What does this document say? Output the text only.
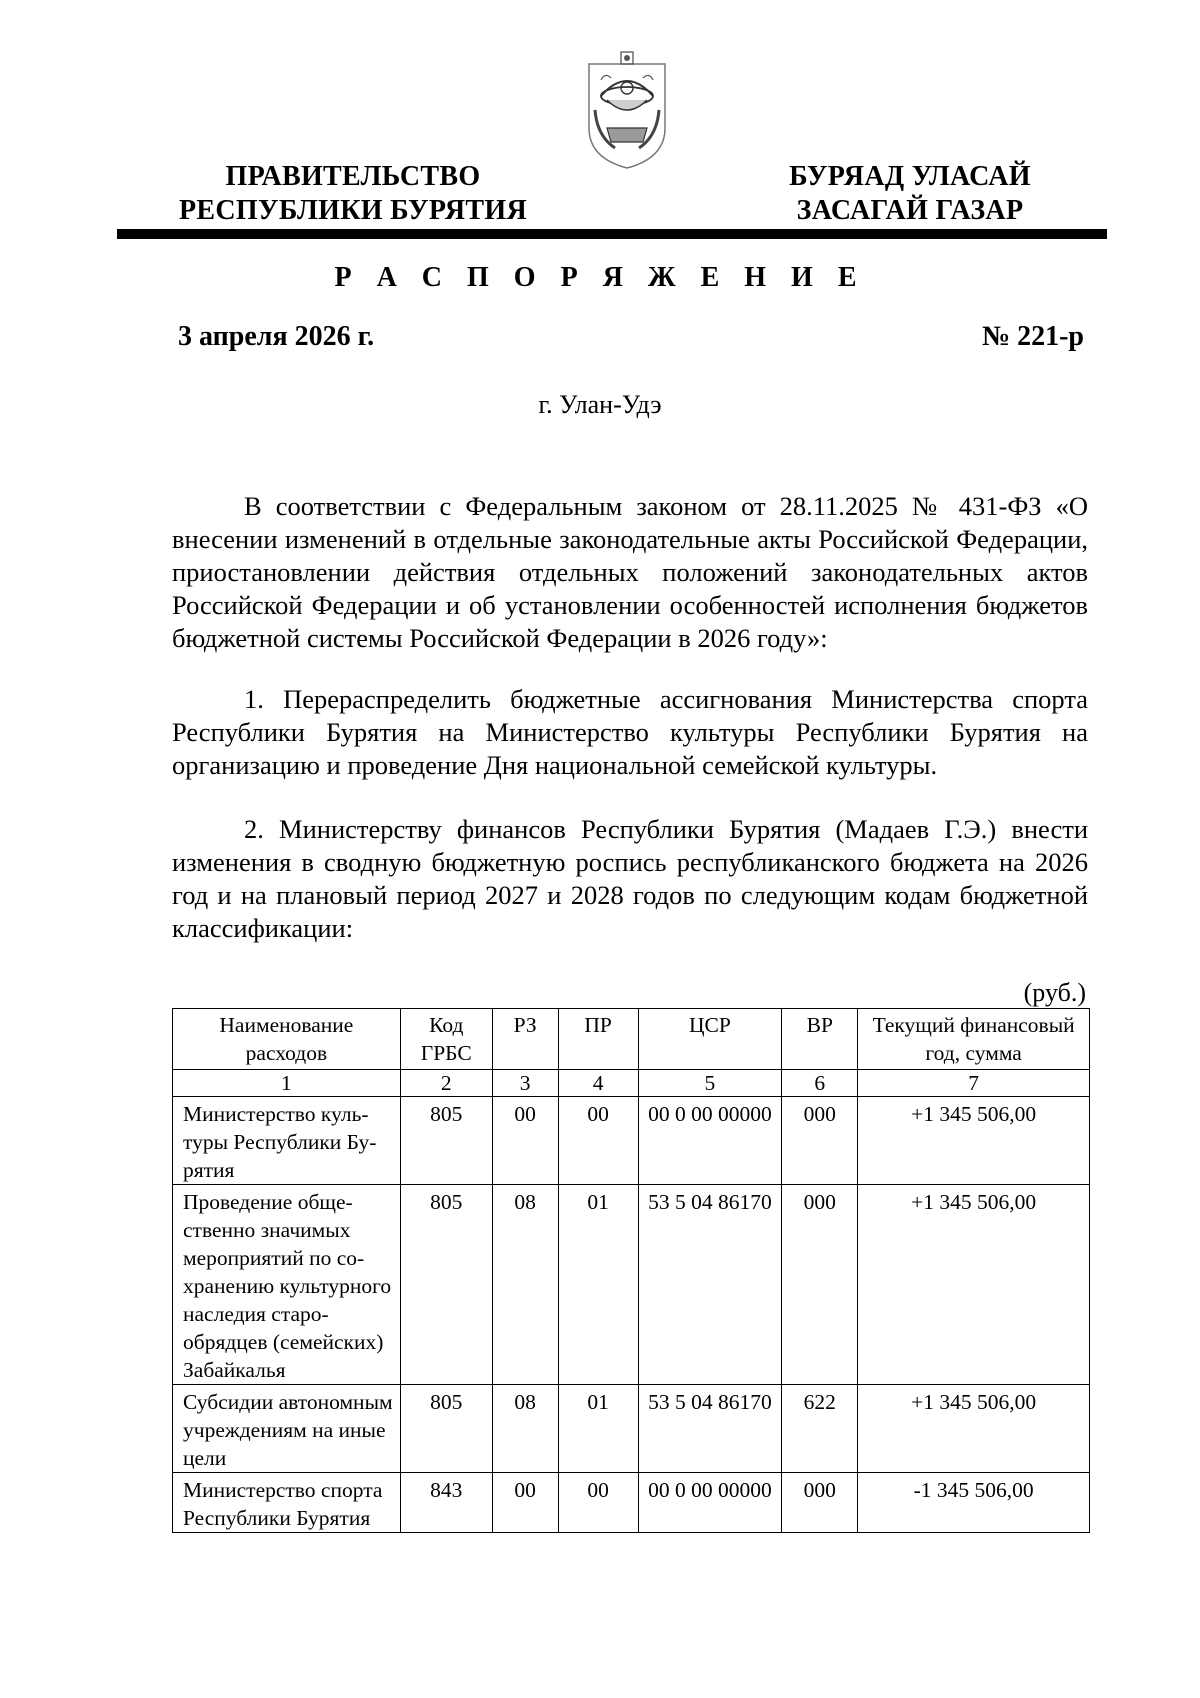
ПРАВИТЕЛЬСТВО
РЕСПУБЛИКИ БУРЯТИЯ
БУРЯАД УЛАСАЙ
ЗАСАГАЙ ГАЗАР
Р А С П О Р Я Ж Е Н И Е
3 апреля 2026 г.	№ 221-р
г. Улан-Удэ

В соответствии с Федеральным законом от 28.11.2025 № 431-ФЗ «О внесении изменений в отдельные законодательные акты Российской Федерации, приостановлении действия отдельных положений законодательных актов Российской Федерации и об установлении особенностей исполнения бюджетов бюджетной системы Российской Федерации в 2026 году»:

1. Перераспределить бюджетные ассигнования Министерства спорта Республики Бурятия на Министерство культуры Республики Бурятия на организацию и проведение Дня национальной семейской культуры.

2. Министерству финансов Республики Бурятия (Мадаев Г.Э.) внести изменения в сводную бюджетную роспись республиканского бюджета на 2026 год и на плановый период 2027 и 2028 годов по следующим кодам бюджетной классификации:

(руб.)
Наименование расходов	Код ГРБС	РЗ	ПР	ЦСР	ВР	Текущий финансовый год, сумма
1	2	3	4	5	6	7
Министерство культуры Республики Бурятия	805	00	00	00 0 00 00000	000	+1 345 506,00
Проведение общественно значимых мероприятий по сохранению культурного наследия старообрядцев (семейских) Забайкалья	805	08	01	53 5 04 86170	000	+1 345 506,00
Субсидии автономным учреждениям на иные цели	805	08	01	53 5 04 86170	622	+1 345 506,00
Министерство спорта Республики Бурятия	843	00	00	00 0 00 00000	000	-1 345 506,00
